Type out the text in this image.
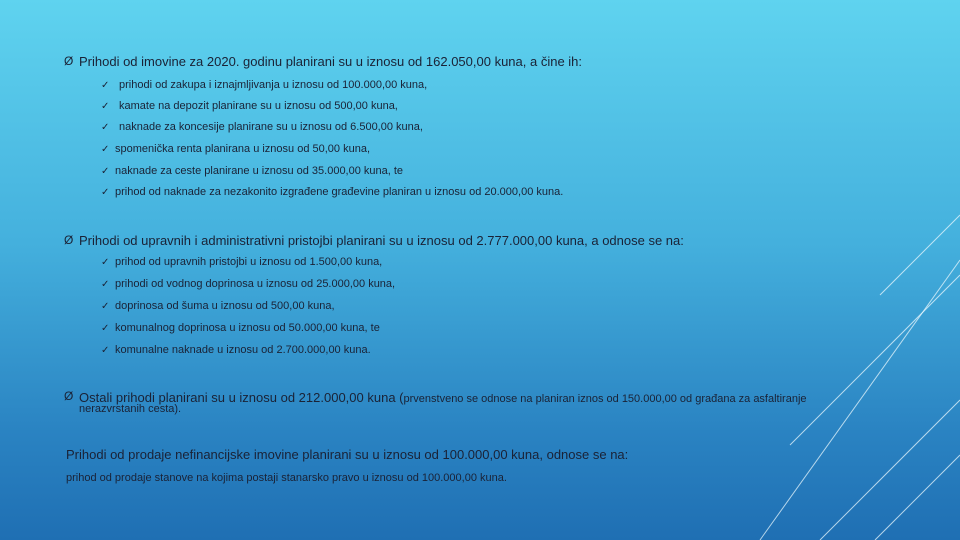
Ø Prihodi od imovine za 2020. godinu planirani su u iznosu od 162.050,00 kuna, a čine ih:
✓ prihodi od zakupa i iznajmljivanja u iznosu od 100.000,00 kuna,
✓ kamate na depozit planirane su u iznosu od 500,00 kuna,
✓ naknade za koncesije planirane su u iznosu od 6.500,00 kuna,
✓ spomenička renta planirana u iznosu od 50,00 kuna,
✓ naknade za ceste planirane u iznosu od 35.000,00 kuna, te
✓ prihod od naknade za nezakonito izgrađene građevine planiran u iznosu od 20.000,00 kuna.
Ø Prihodi od upravnih i administrativni pristojbi planirani su u iznosu od 2.777.000,00 kuna, a odnose se na:
✓ prihod od upravnih pristojbi u iznosu od 1.500,00 kuna,
✓ prihodi od vodnog doprinosa u iznosu od 25.000,00 kuna,
✓ doprinosa od šuma u iznosu od 500,00 kuna,
✓ komunalnog doprinosa u iznosu od 50.000,00 kuna, te
✓ komunalne naknade u iznosu od 2.700.000,00 kuna.
Ø Ostali prihodi planirani su u iznosu od 212.000,00 kuna (prvenstveno se odnose na planiran iznos od 150.000,00 od građana za asfaltiranje
nerazvrstanih cesta).
Prihodi od prodaje nefinancijske imovine planirani su u iznosu od 100.000,00 kuna, odnose se na:
prihod od prodaje stanove na kojima postaji stanarsko pravo u iznosu od 100.000,00 kuna.
